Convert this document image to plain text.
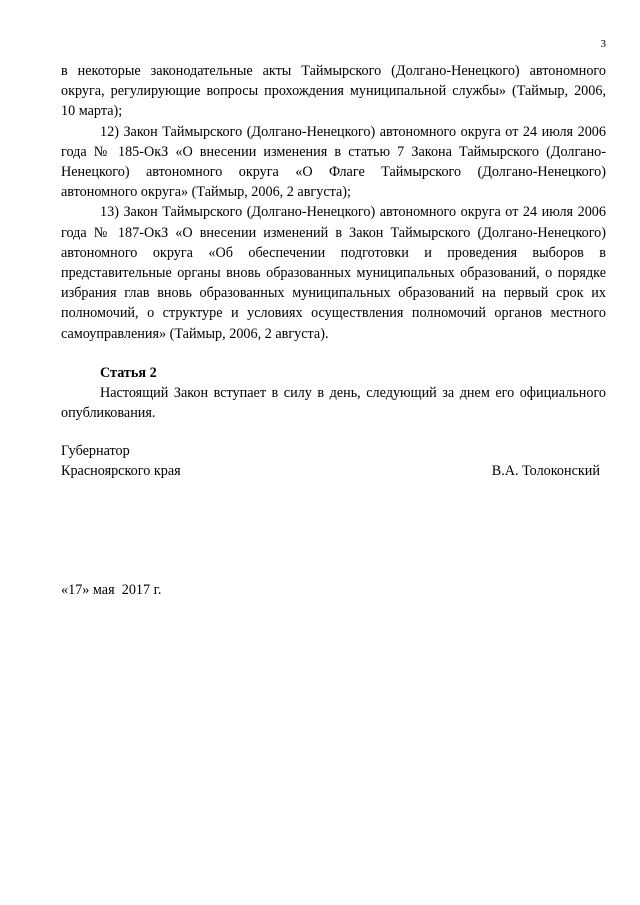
3

в некоторые законодательные акты Таймырского (Долгано-Ненецкого) автономного округа, регулирующие вопросы прохождения муниципальной службы» (Таймыр, 2006, 10 марта);

12) Закон Таймырского (Долгано-Ненецкого) автономного округа от 24 июля 2006 года № 185-ОкЗ «О внесении изменения в статью 7 Закона Таймырского (Долгано-Ненецкого) автономного округа «О Флаге Таймырского (Долгано-Ненецкого) автономного округа» (Таймыр, 2006, 2 августа);

13) Закон Таймырского (Долгано-Ненецкого) автономного округа от 24 июля 2006 года № 187-ОкЗ «О внесении изменений в Закон Таймырского (Долгано-Ненецкого) автономного округа «Об обеспечении подготовки и проведения выборов в представительные органы вновь образованных муниципальных образований, о порядке избрания глав вновь образованных муниципальных образований на первый срок их полномочий, о структуре и условиях осуществления полномочий органов местного самоуправления» (Таймыр, 2006, 2 августа).

Статья 2

Настоящий Закон вступает в силу в день, следующий за днем его официального опубликования.

Губернатор
Красноярского края	В.А. Толоконский
«17» мая  2017 г.
